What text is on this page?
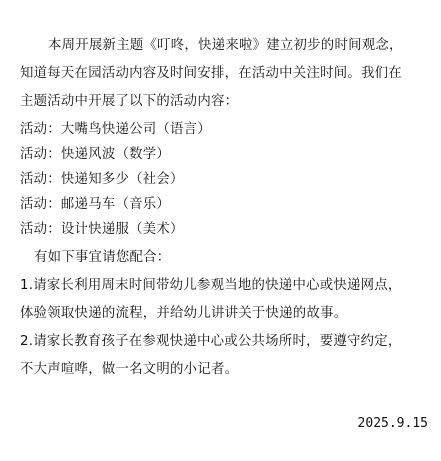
本周开展新主题《叮咚，快递来啦》建立初步的时间观念，
知道每天在园活动内容及时间安排，在活动中关注时间。我们在
主题活动中开展了以下的活动内容：
活动：大嘴鸟快递公司（语言）
活动：快递风波（数学）
活动：快递知多少（社会）
活动：邮递马车（音乐）
活动：设计快递服（美术）
有如下事宜请您配合：
1.请家长利用周末时间带幼儿参观当地的快递中心或快递网点，
体验领取快递的流程，并给幼儿讲讲关于快递的故事。
2.请家长教育孩子在参观快递中心或公共场所时，要遵守约定，
不大声喧哗，做一名文明的小记者。
2025.9.15
